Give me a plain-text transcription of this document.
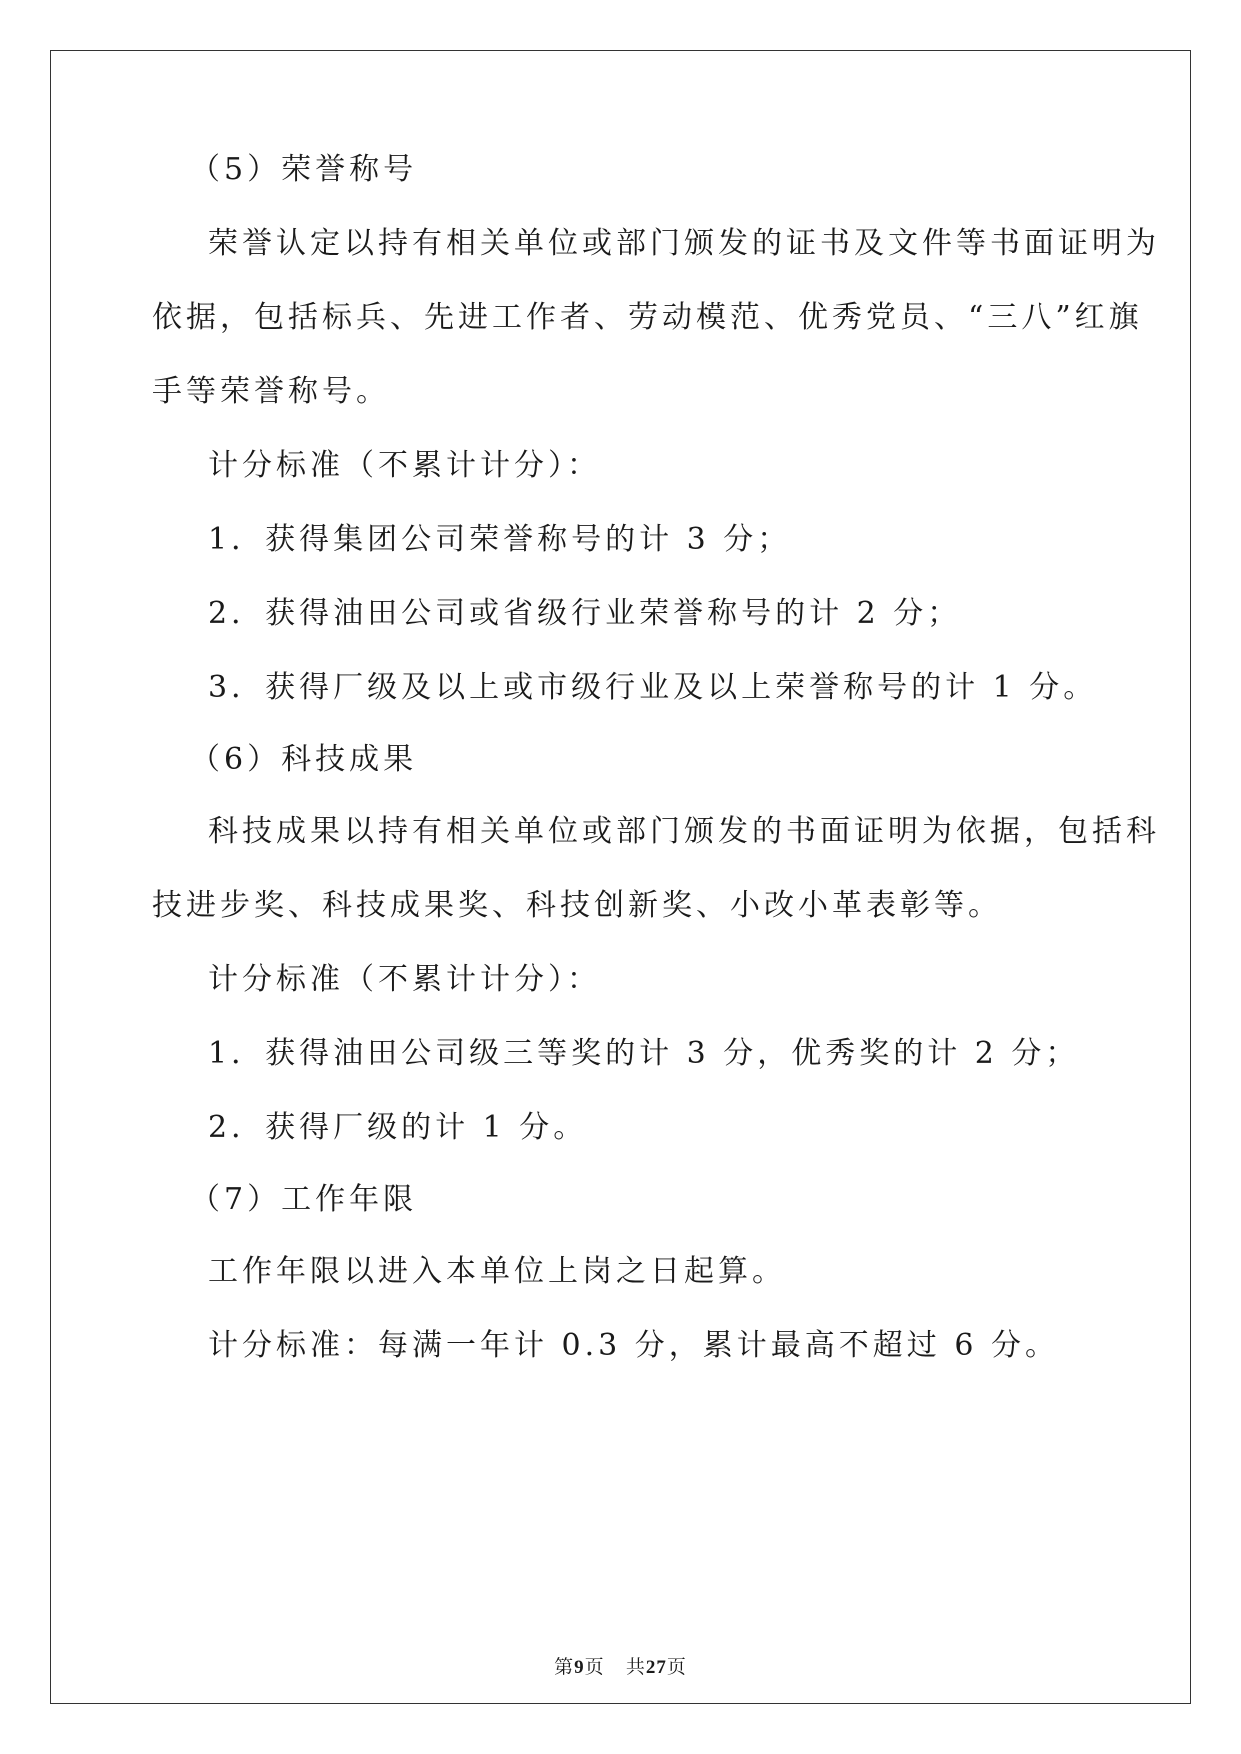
（5）荣誉称号
荣誉认定以持有相关单位或部门颁发的证书及文件等书面证明为
依据，包括标兵、先进工作者、劳动模范、优秀党员、“三八”红旗
手等荣誉称号。
计分标准（不累计计分）：
1．获得集团公司荣誉称号的计 3 分；
2．获得油田公司或省级行业荣誉称号的计 2 分；
3．获得厂级及以上或市级行业及以上荣誉称号的计 1 分。
（6）科技成果
科技成果以持有相关单位或部门颁发的书面证明为依据，包括科
技进步奖、科技成果奖、科技创新奖、小改小革表彰等。
计分标准（不累计计分）：
1．获得油田公司级三等奖的计 3 分，优秀奖的计 2 分；
2．获得厂级的计 1 分。
（7）工作年限
工作年限以进入本单位上岗之日起算。
计分标准：每满一年计 0.3 分，累计最高不超过 6 分。
第9页 共27页
